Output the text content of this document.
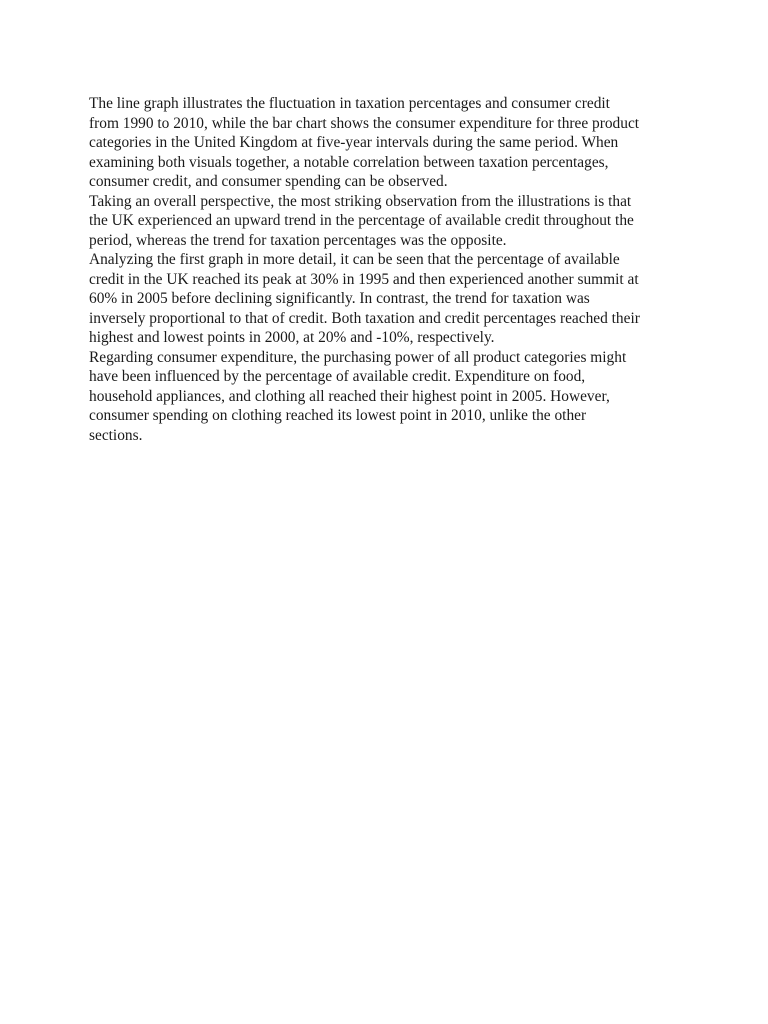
The line graph illustrates the fluctuation in taxation percentages and consumer credit
from 1990 to 2010, while the bar chart shows the consumer expenditure for three product
categories in the United Kingdom at five-year intervals during the same period. When
examining both visuals together, a notable correlation between taxation percentages,
consumer credit, and consumer spending can be observed.

Taking an overall perspective, the most striking observation from the illustrations is that
the UK experienced an upward trend in the percentage of available credit throughout the
period, whereas the trend for taxation percentages was the opposite.

Analyzing the first graph in more detail, it can be seen that the percentage of available
credit in the UK reached its peak at 30% in 1995 and then experienced another summit at
60% in 2005 before declining significantly. In contrast, the trend for taxation was
inversely proportional to that of credit. Both taxation and credit percentages reached their
highest and lowest points in 2000, at 20% and -10%, respectively.

Regarding consumer expenditure, the purchasing power of all product categories might
have been influenced by the percentage of available credit. Expenditure on food,
household appliances, and clothing all reached their highest point in 2005. However,
consumer spending on clothing reached its lowest point in 2010, unlike the other
sections.
